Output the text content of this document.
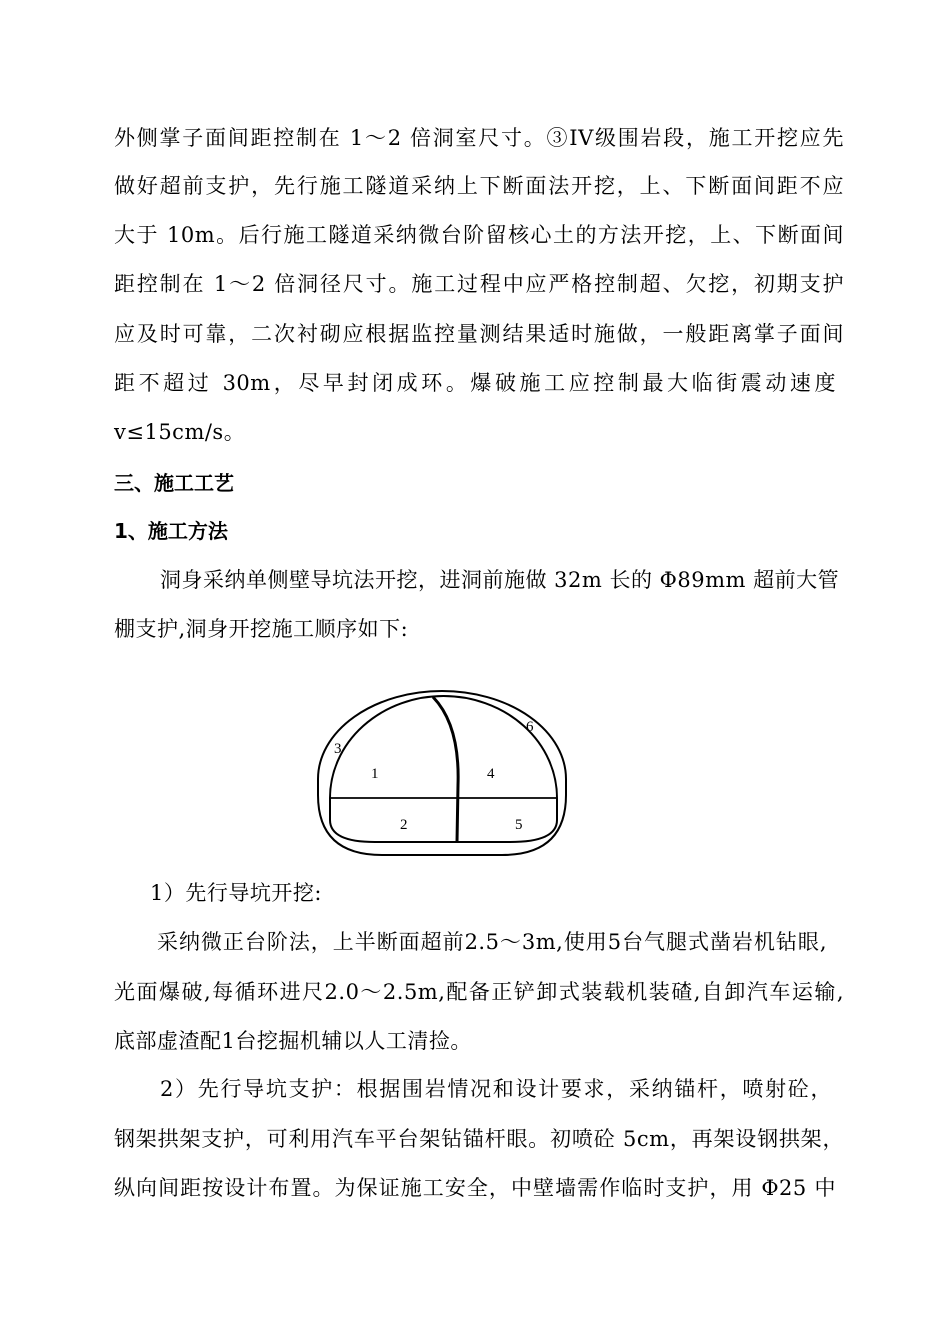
外侧掌子面间距控制在 1～2 倍洞室尺寸。③IV级围岩段，施工开挖应先
做好超前支护，先行施工隧道采纳上下断面法开挖，上、下断面间距不应
大于 10m。后行施工隧道采纳微台阶留核心土的方法开挖，上、下断面间
距控制在 1～2 倍洞径尺寸。施工过程中应严格控制超、欠挖，初期支护
应及时可靠，二次衬砌应根据监控量测结果适时施做，一般距离掌子面间
距不超过 30m，尽早封闭成环。爆破施工应控制最大临街震动速度
v≤15cm/s。
三、施工工艺
1、施工方法
洞身采纳单侧壁导坑法开挖，进洞前施做 32m 长的 Φ89mm 超前大管
棚支护,洞身开挖施工顺序如下:
3
1	4
6
2	5
1）先行导坑开挖:
采纳微正台阶法，上半断面超前2.5～3m,使用5台气腿式凿岩机钻眼,
光面爆破,每循环进尺2.0～2.5m,配备正铲卸式装载机装碴,自卸汽车运输,
底部虚渣配1台挖掘机辅以人工清捡。
2）先行导坑支护：根据围岩情况和设计要求，采纳锚杆，喷射砼，
钢架拱架支护，可利用汽车平台架钻锚杆眼。初喷砼 5cm，再架设钢拱架，
纵向间距按设计布置。为保证施工安全，中壁墙需作临时支护，用 Φ25 中
